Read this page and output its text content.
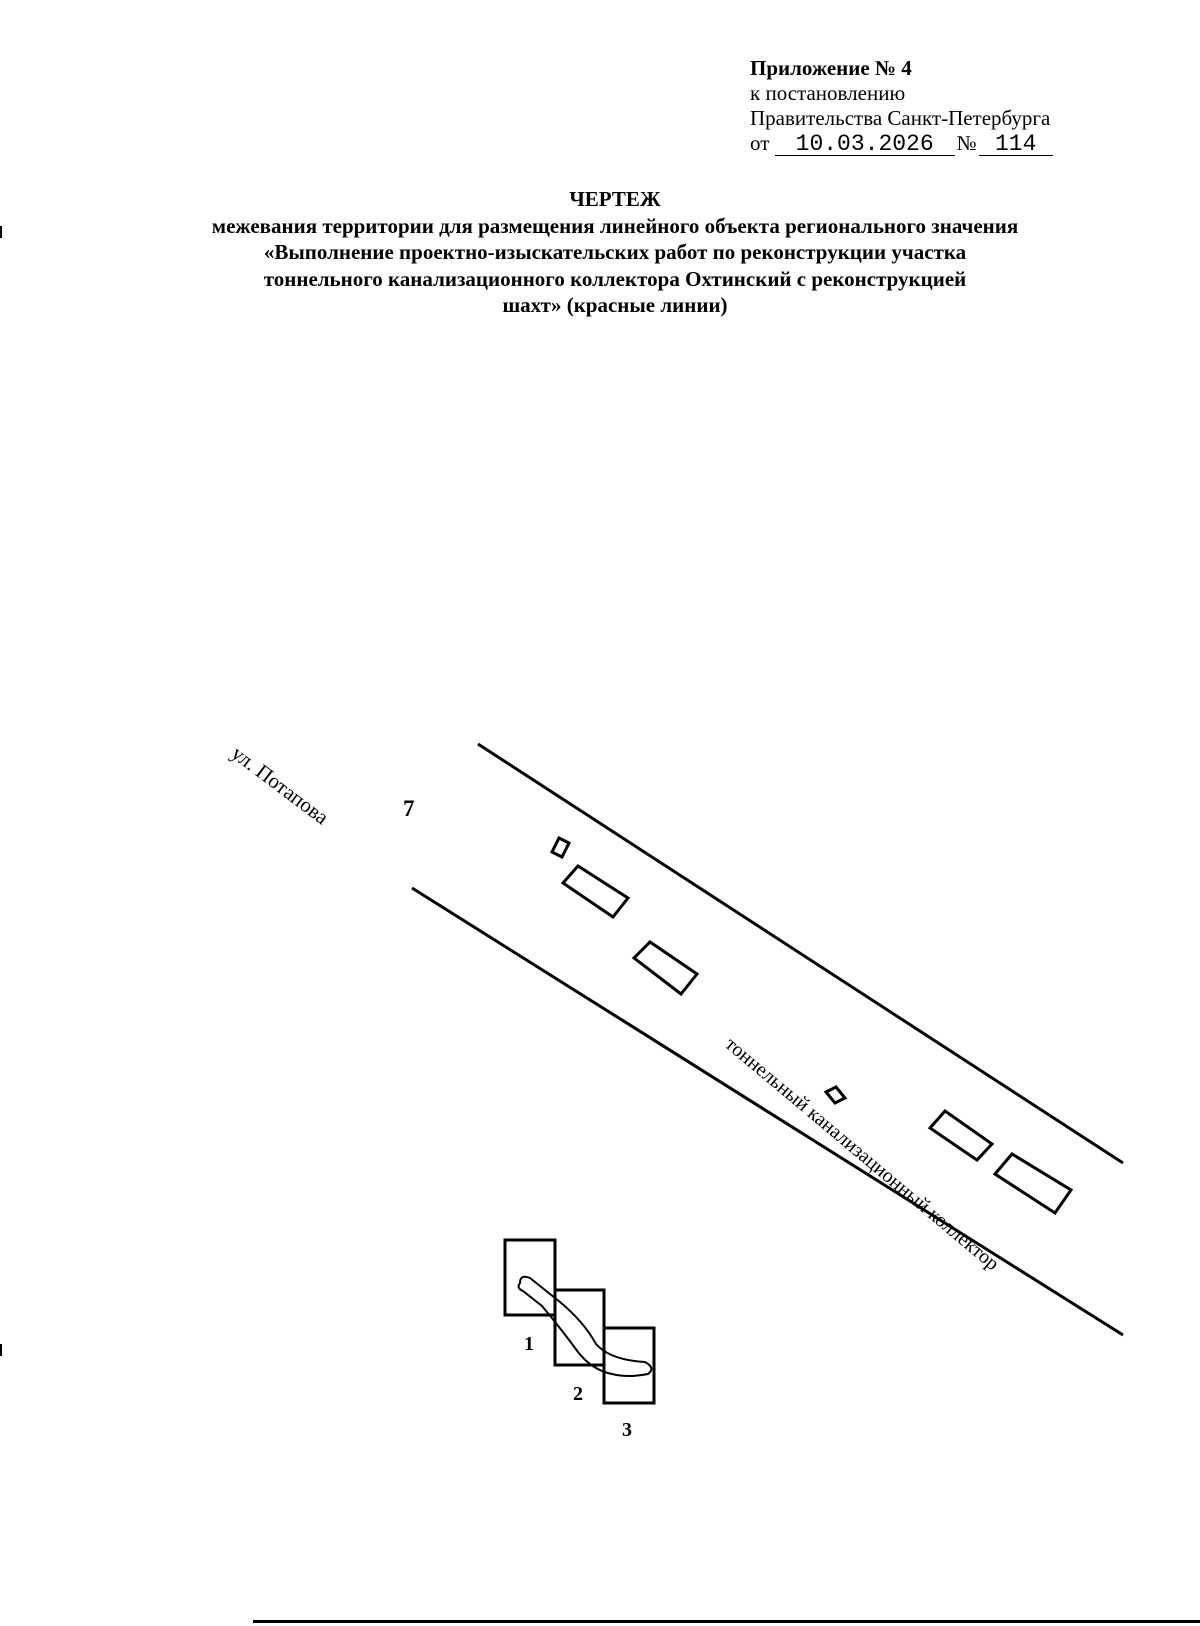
Приложение № 4
к постановлению
Правительства Санкт-Петербурга
от 10.03.2026 № 114
ЧЕРТЕЖ
межевания территории для размещения линейного объекта регионального значения
«Выполнение проектно-изыскательских работ по реконструкции участка
тоннельного канализационного коллектора Охтинский с реконструкцией
шахт» (красные линии)
ул. Потапова	7
тоннельный канализационный коллектор
1
2
3
